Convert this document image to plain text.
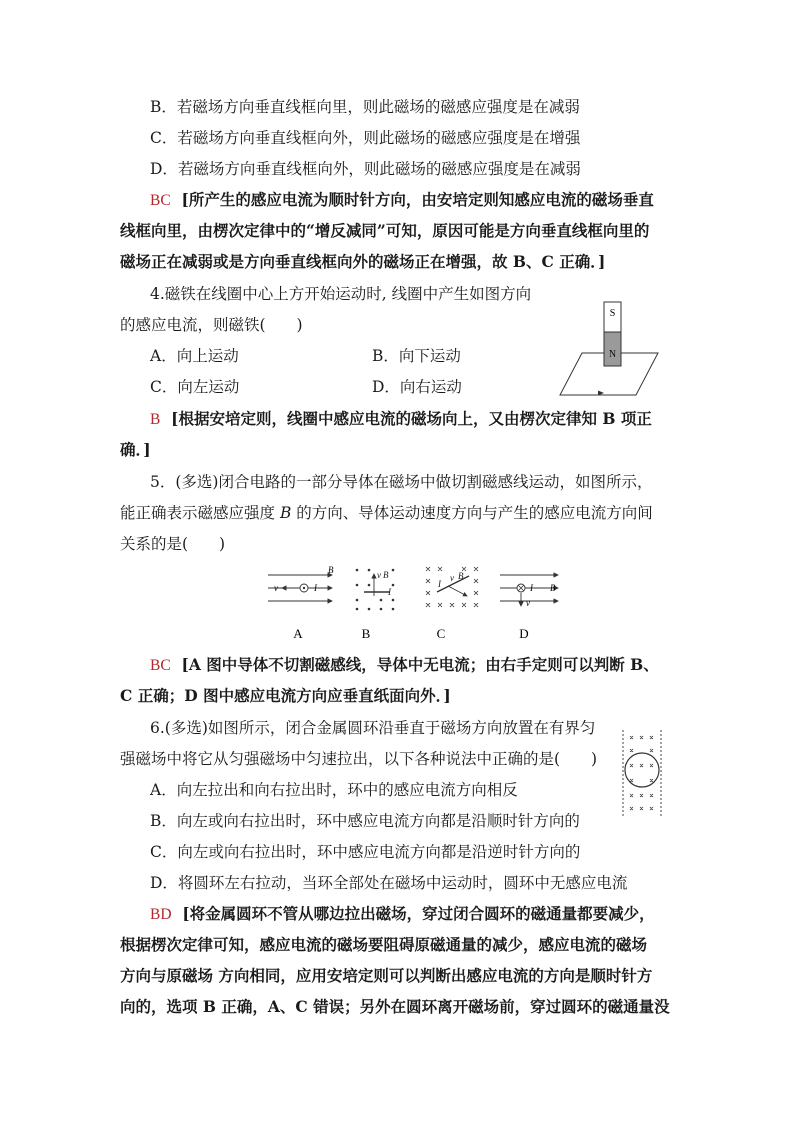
B．若磁场方向垂直线框向里，则此磁场的磁感应强度是在减弱
C．若磁场方向垂直线框向外，则此磁场的磁感应强度是在增强
D．若磁场方向垂直线框向外，则此磁场的磁感应强度是在减弱
BC [所产生的感应电流为顺时针方向，由安培定则知感应电流的磁场垂直
线框向里，由楞次定律中的“增反减同”可知，原因可能是方向垂直线框向里的
磁场正在减弱或是方向垂直线框向外的磁场正在增强，故 B、C 正确．]
4.磁铁在线圈中心上方开始运动时, 线圈中产生如图方向
的感应电流，则磁铁(　　)
A．向上运动	B．向下运动
C．向左运动	D．向右运动
S
N
B [根据安培定则，线圈中感应电流的磁场向上，又由楞次定律知 B 项正
确．]
5．(多选)闭合电路的一部分导体在磁场中做切割磁感线运动，如图所示，
能正确表示磁感应强度 B 的方向、导体运动速度方向与产生的感应电流方向间
关系的是(　　)
v	I
B	v B
I
v B
I	I
v
B
A	B	C	D
BC [A 图中导体不切割磁感线，导体中无电流；由右手定则可以判断 B、
C 正确；D 图中感应电流方向应垂直纸面向外．]
6.(多选)如图所示，闭合金属圆环沿垂直于磁场方向放置在有界匀
强磁场中将它从匀强磁场中匀速拉出，以下各种说法中正确的是(　　)
A．向左拉出和向右拉出时，环中的感应电流方向相反
B．向左或向右拉出时，环中感应电流方向都是沿顺时针方向的
C．向左或向右拉出时，环中感应电流方向都是沿逆时针方向的
D．将圆环左右拉动，当环全部处在磁场中运动时，圆环中无感应电流
BD [将金属圆环不管从哪边拉出磁场，穿过闭合圆环的磁通量都要减少，
根据楞次定律可知，感应电流的磁场要阻碍原磁通量的减少，感应电流的磁场
方向与原磁场 方向相同，应用安培定则可以判断出感应电流的方向是顺时针方
向的，选项 B 正确，A、C 错误；另外在圆环离开磁场前，穿过圆环的磁通量没
